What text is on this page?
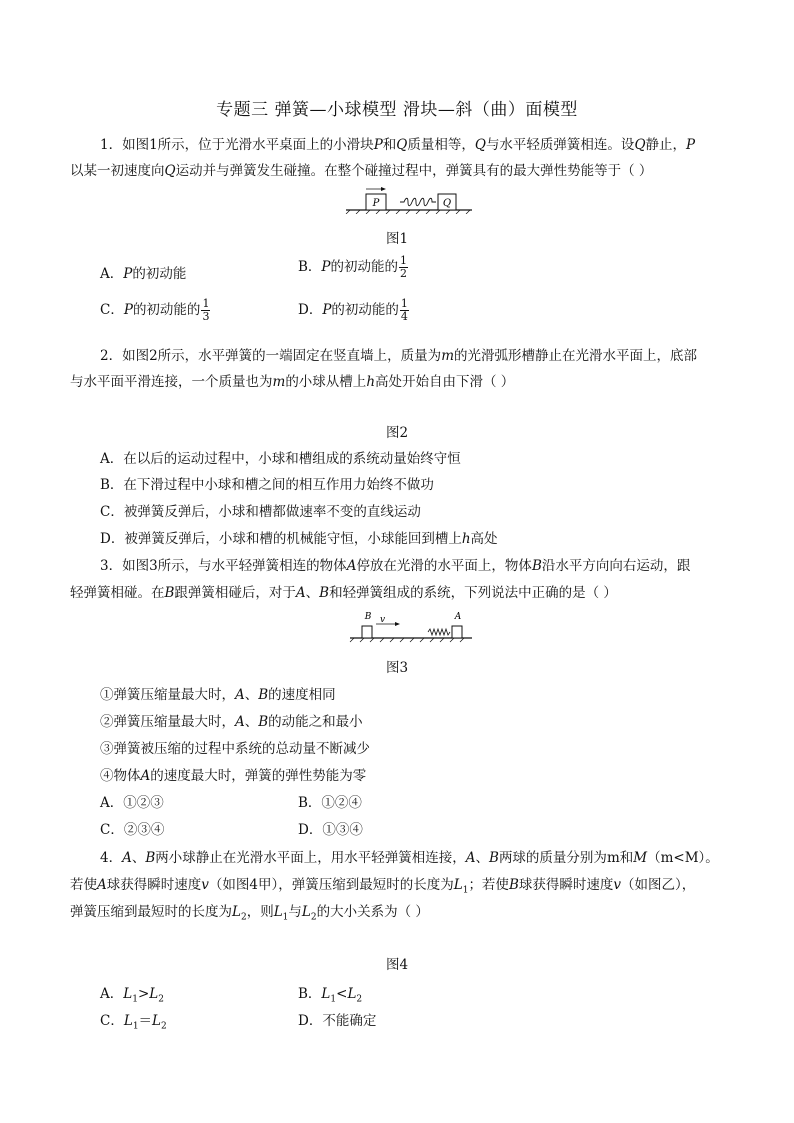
专题三 弹簧—小球模型 滑块—斜（曲）面模型
1．如图1所示，位于光滑水平桌面上的小滑块P和Q质量相等，Q与水平轻质弹簧相连。设Q静止，P
以某一初速度向Q运动并与弹簧发生碰撞。在整个碰撞过程中，弹簧具有的最大弹性势能等于（ ）
P	Q
图1
A．P的初动能	B．P的初动能的 $\frac{1}{2}$
C．P的初动能的 $\frac{1}{3}$	D．P的初动能的 $\frac{1}{4}$
2．如图2所示，水平弹簧的一端固定在竖直墙上，质量为m的光滑弧形槽静止在光滑水平面上，底部
与水平面平滑连接，一个质量也为m的小球从槽上h高处开始自由下滑（ ）
图2
A．在以后的运动过程中，小球和槽组成的系统动量始终守恒
B．在下滑过程中小球和槽之间的相互作用力始终不做功
C．被弹簧反弹后，小球和槽都做速率不变的直线运动
D．被弹簧反弹后，小球和槽的机械能守恒，小球能回到槽上h高处
3．如图3所示，与水平轻弹簧相连的物体A停放在光滑的水平面上，物体B沿水平方向向右运动，跟
轻弹簧相碰。在B跟弹簧相碰后，对于A、B和轻弹簧组成的系统，下列说法中正确的是（ ）
B v	A
图3
①弹簧压缩量最大时，A、B的速度相同
②弹簧压缩量最大时，A、B的动能之和最小
③弹簧被压缩的过程中系统的总动量不断减少
④物体A的速度最大时，弹簧的弹性势能为零
A．①②③	B．①②④
C．②③④	D．①③④
4．A、B两小球静止在光滑水平面上，用水平轻弹簧相连接，A、B两球的质量分别为m和M（m<M）。
若使A球获得瞬时速度v（如图4甲），弹簧压缩到最短时的长度为$L_1$；若使B球获得瞬时速度v（如图乙），
弹簧压缩到最短时的长度为$L_2$，则$L_1$与$L_2$的大小关系为（ ）
图4
A．$L_1>L_2$	B．$L_1<L_2$
C．$L_1=L_2$	D．不能确定
